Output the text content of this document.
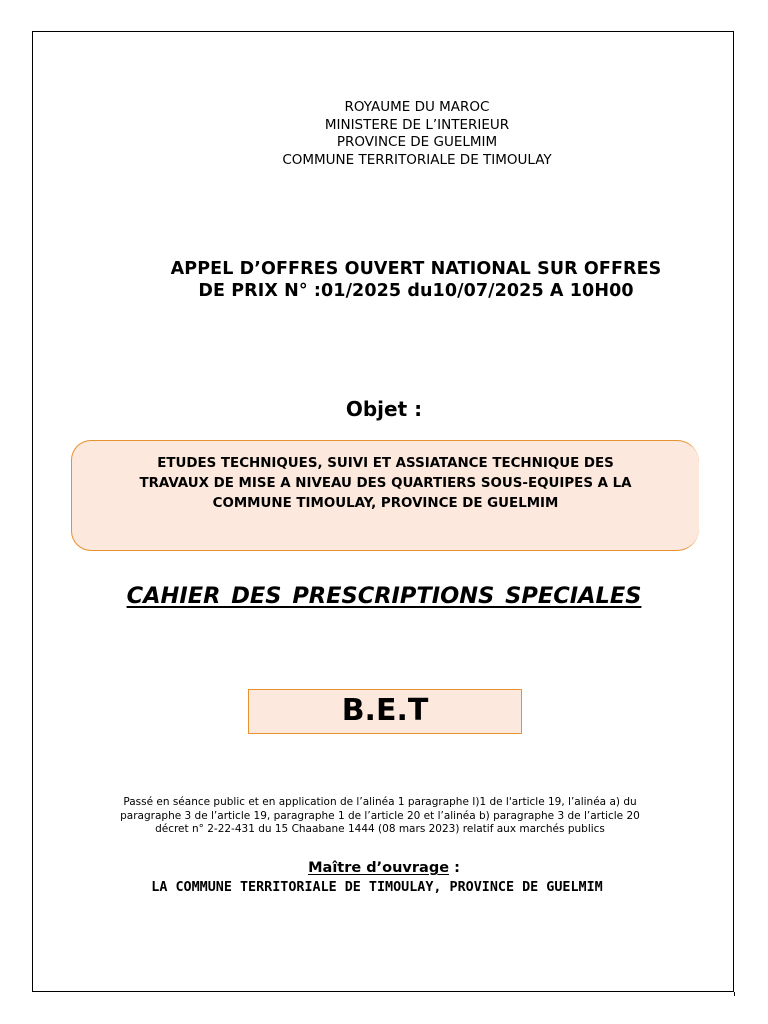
ROYAUME DU MAROC
MINISTERE DE L’INTERIEUR
PROVINCE DE GUELMIM
COMMUNE TERRITORIALE DE TIMOULAY
APPEL D’OFFRES OUVERT NATIONAL SUR OFFRES
DE PRIX N° :01/2025 du10/07/2025 A 10H00
Objet :
ETUDES TECHNIQUES, SUIVI ET ASSIATANCE TECHNIQUE DES
TRAVAUX DE MISE A NIVEAU DES QUARTIERS SOUS-EQUIPES A LA
COMMUNE TIMOULAY, PROVINCE DE GUELMIM
CAHIER DES PRESCRIPTIONS SPECIALES
B.E.T
Passé en séance public et en application de l’alinéa 1 paragraphe I)1 de l'article 19, l’alinéa a) du
paragraphe 3 de l’article 19, paragraphe 1 de l’article 20 et l’alinéa b) paragraphe 3 de l’article 20
décret n° 2-22-431 du 15 Chaabane 1444 (08 mars 2023) relatif aux marchés publics
Maître d’ouvrage :
LA COMMUNE TERRITORIALE DE TIMOULAY, PROVINCE DE GUELMIM
